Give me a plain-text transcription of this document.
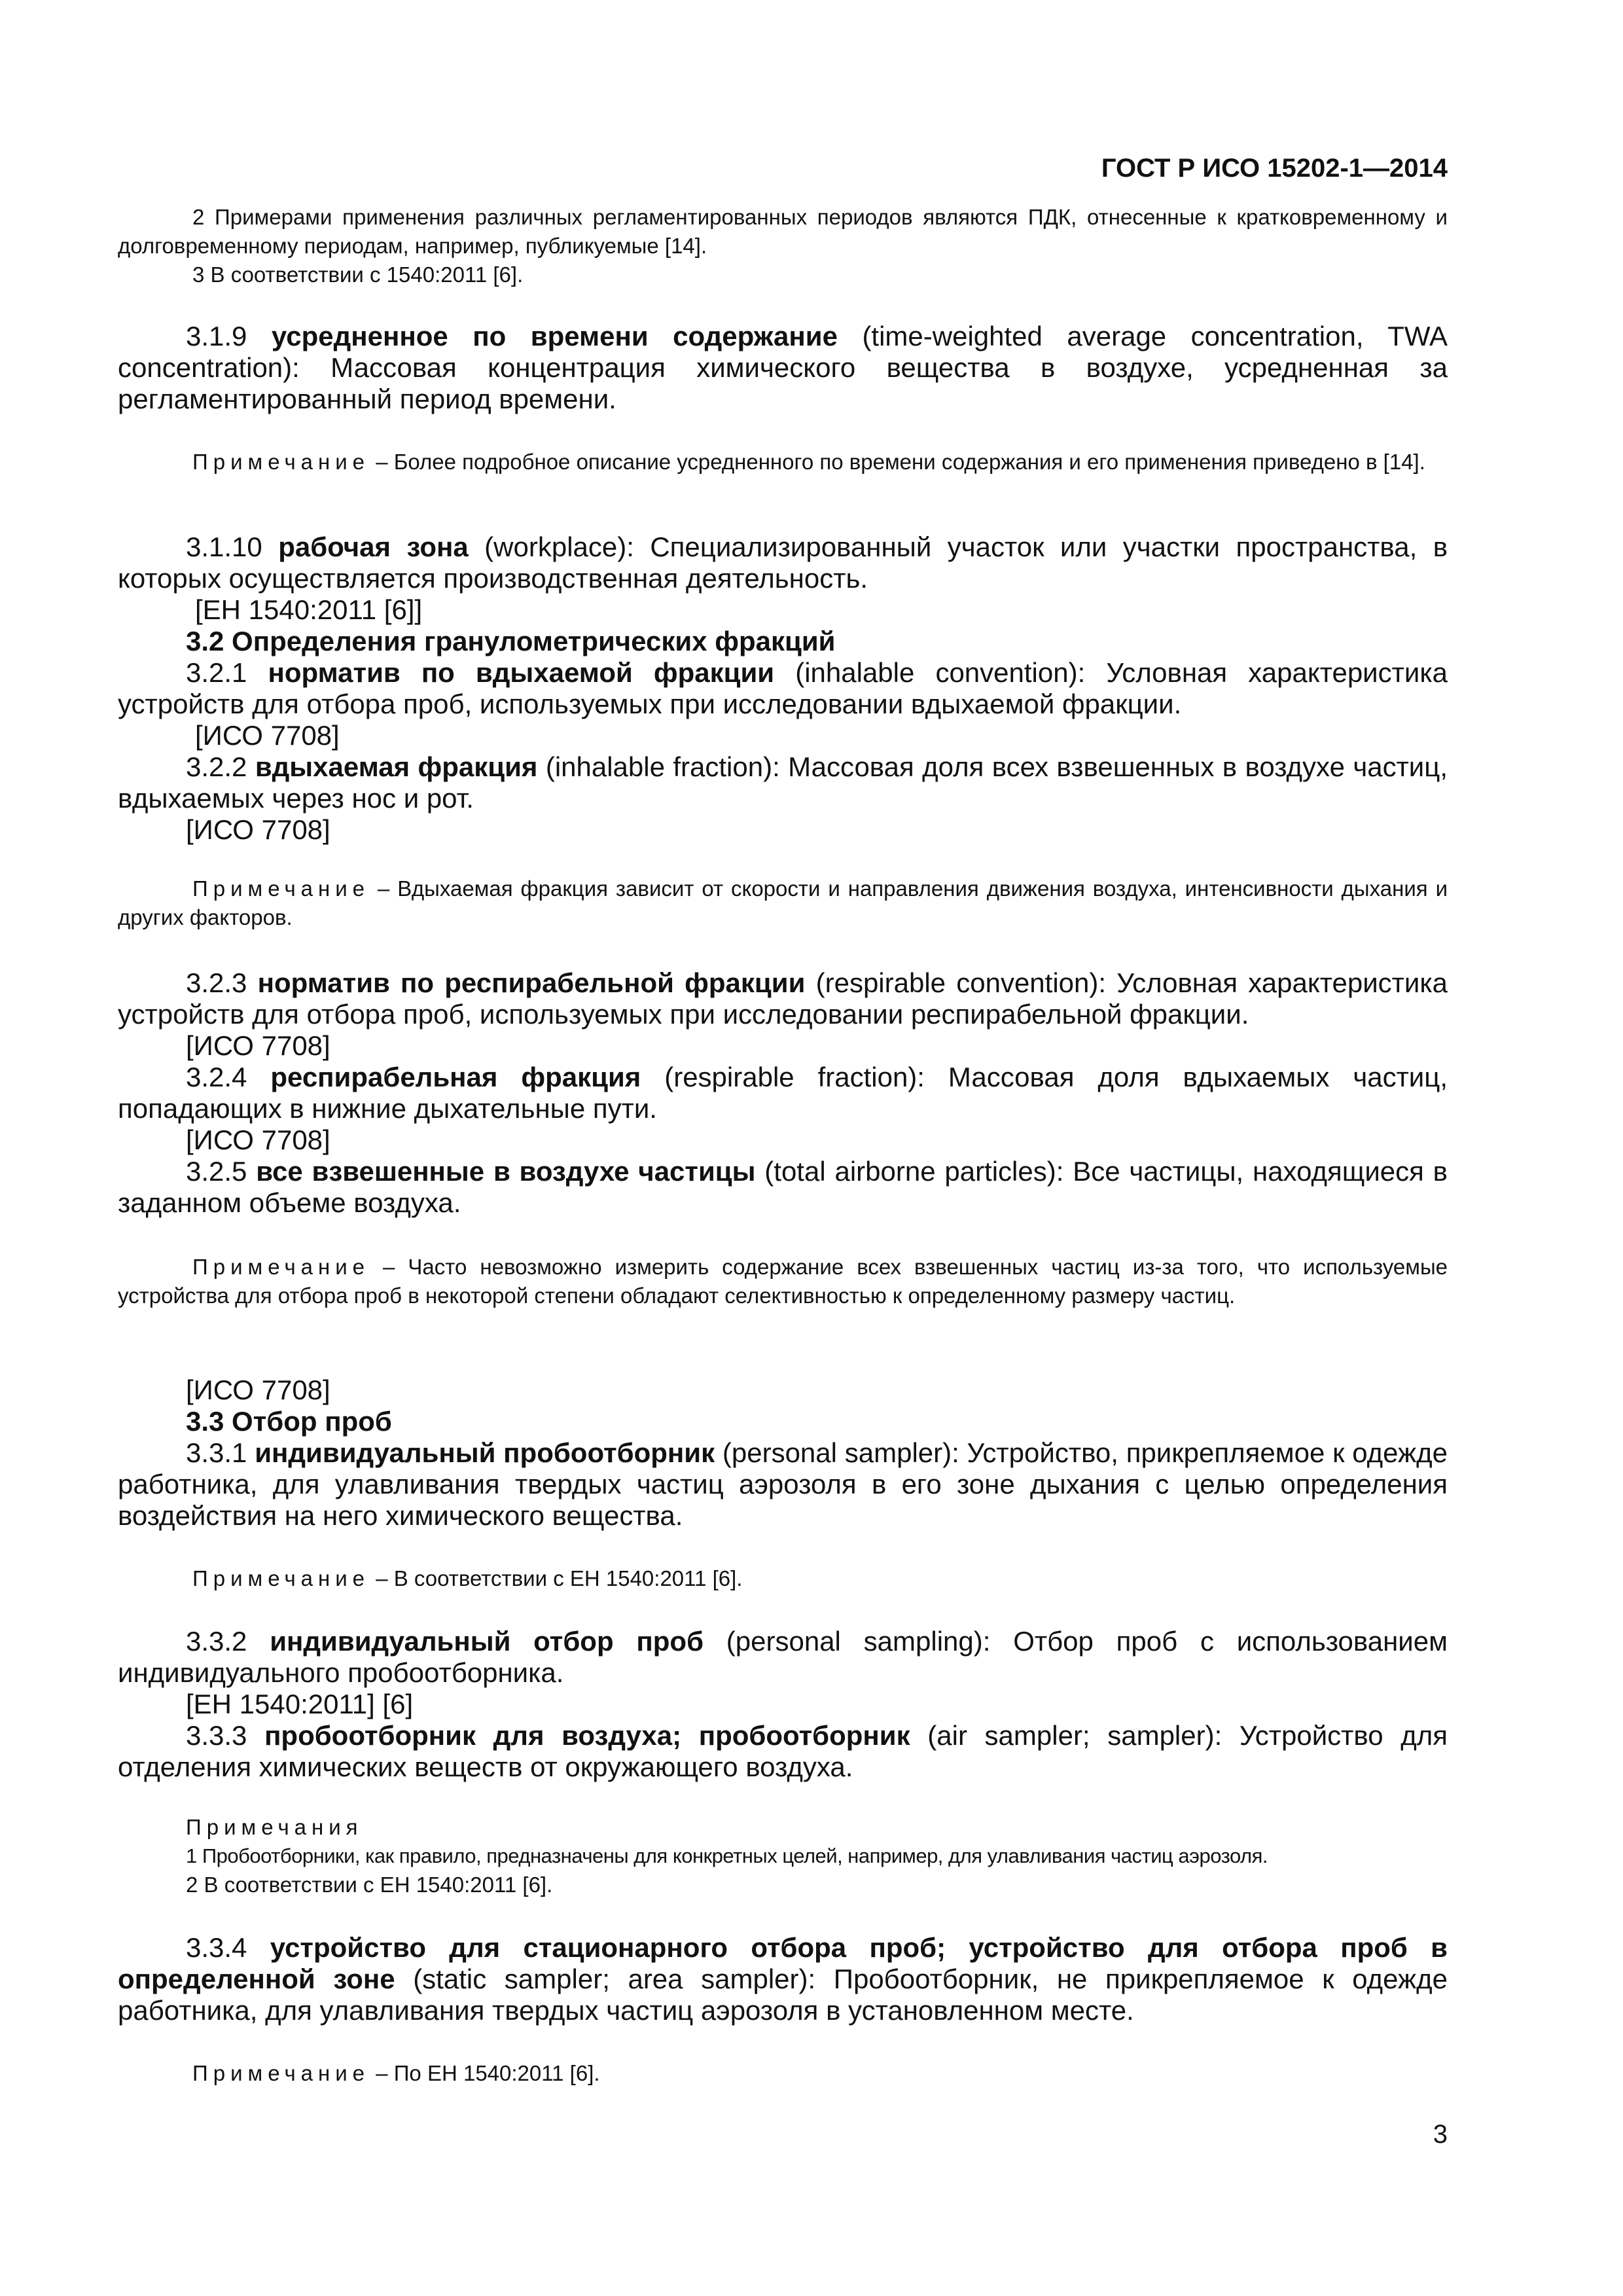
ГОСТ Р ИСО 15202-1—2014

2 Примерами применения различных регламентированных периодов являются ПДК, отнесенные к кратковременному и долговременному периодам, например, публикуемые [14].

3 В соответствии с 1540:2011 [6].

3.1.9 усредненное по времени содержание (time-weighted average concentration, TWA concentration): Массовая концентрация химического вещества в воздухе, усредненная за регламентированный период времени.

Примечание – Более подробное описание усредненного по времени содержания и его применения приведено в [14].

3.1.10 рабочая зона (workplace): Специализированный участок или участки пространства, в которых осуществляется производственная деятельность.

[ЕН 1540:2011 [6]]

3.2 Определения гранулометрических фракций

3.2.1 норматив по вдыхаемой фракции (inhalable convention): Условная характеристика устройств для отбора проб, используемых при исследовании вдыхаемой фракции.

[ИСО 7708]

3.2.2 вдыхаемая фракция (inhalable fraction): Массовая доля всех взвешенных в воздухе частиц, вдыхаемых через нос и рот.

[ИСО 7708]

Примечание – Вдыхаемая фракция зависит от скорости и направления движения воздуха, интенсивности дыхания и других факторов.

3.2.3 норматив по респирабельной фракции (respirable convention): Условная характеристика устройств для отбора проб, используемых при исследовании респирабельной фракции.

[ИСО 7708]

3.2.4 респирабельная фракция (respirable fraction): Массовая доля вдыхаемых частиц, попадающих в нижние дыхательные пути.

[ИСО 7708]

3.2.5 все взвешенные в воздухе частицы (total airborne particles): Все частицы, находящиеся в заданном объеме воздуха.

Примечание – Часто невозможно измерить содержание всех взвешенных частиц из-за того, что используемые устройства для отбора проб в некоторой степени обладают селективностью к определенному размеру частиц.

[ИСО 7708]

3.3 Отбор проб

3.3.1 индивидуальный пробоотборник (personal sampler): Устройство, прикрепляемое к одежде работника, для улавливания твердых частиц аэрозоля в его зоне дыхания с целью определения воздействия на него химического вещества.

Примечание – В соответствии с ЕН 1540:2011 [6].

3.3.2 индивидуальный отбор проб (personal sampling): Отбор проб с использованием индивидуального пробоотборника.

[ЕН 1540:2011] [6]

3.3.3 пробоотборник для воздуха; пробоотборник (air sampler; sampler): Устройство для отделения химических веществ от окружающего воздуха.

Примечания

1 Пробоотборники, как правило, предназначены для конкретных целей, например, для улавливания частиц аэрозоля.

2 В соответствии с ЕН 1540:2011 [6].

3.3.4 устройство для стационарного отбора проб; устройство для отбора проб в определенной зоне (static sampler; area sampler): Пробоотборник, не прикрепляемое к одежде работника, для улавливания твердых частиц аэрозоля в установленном месте.

Примечание – По ЕН 1540:2011 [6].

3
